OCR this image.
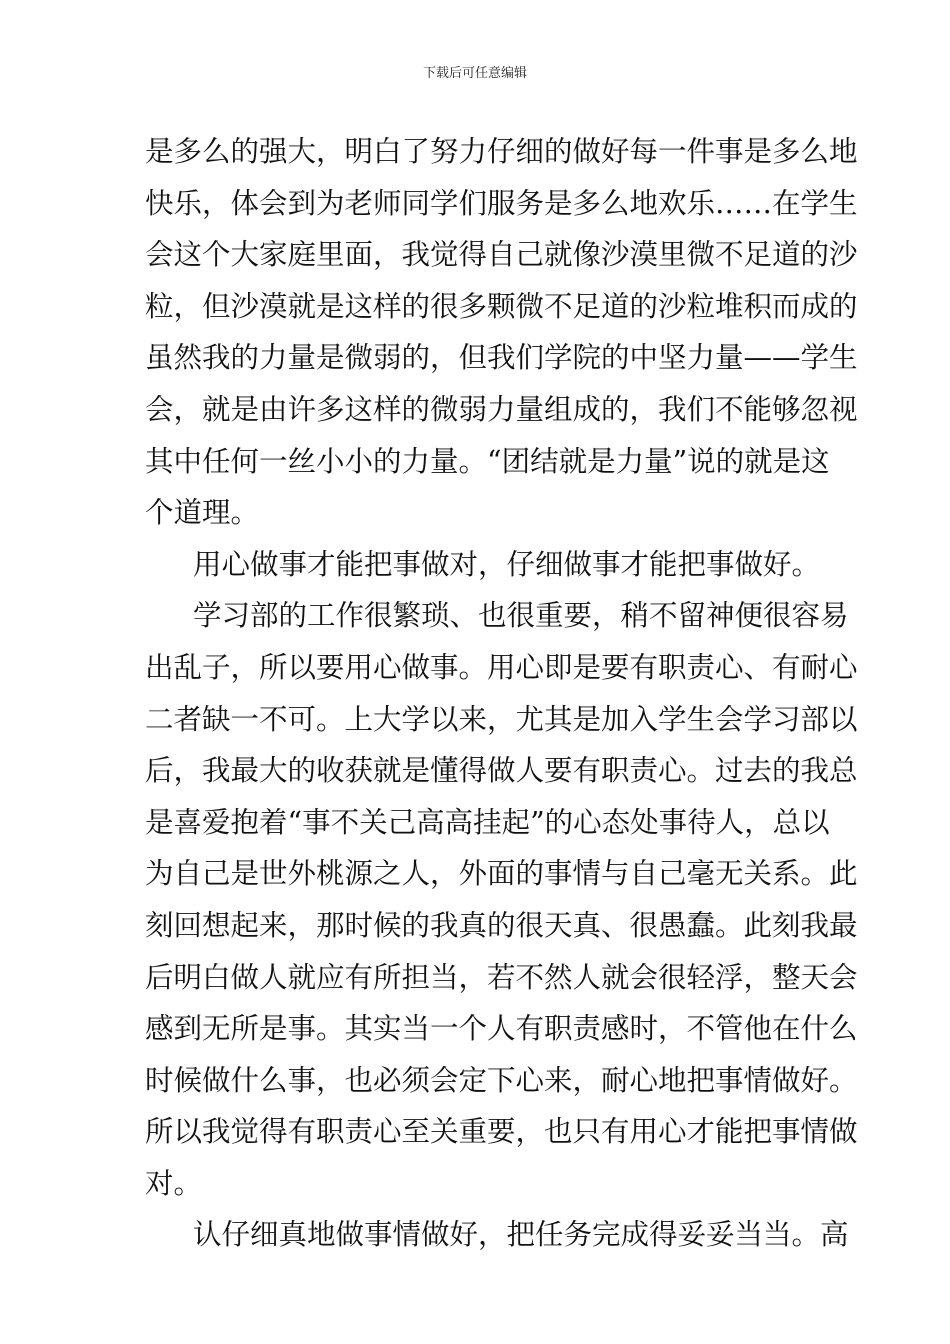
下载后可任意编辑
是多么的强大，明白了努力仔细的做好每一件事是多么地
快乐，体会到为老师同学们服务是多么地欢乐……在学生
会这个大家庭里面，我觉得自己就像沙漠里微不足道的沙
粒，但沙漠就是这样的很多颗微不足道的沙粒堆积而成的
虽然我的力量是微弱的，但我们学院的中坚力量——学生
会，就是由许多这样的微弱力量组成的，我们不能够忽视
其中任何一丝小小的力量。“团结就是力量”说的就是这
个道理。
用心做事才能把事做对，仔细做事才能把事做好。
学习部的工作很繁琐、也很重要，稍不留神便很容易
出乱子，所以要用心做事。用心即是要有职责心、有耐心
二者缺一不可。上大学以来，尤其是加入学生会学习部以
后，我最大的收获就是懂得做人要有职责心。过去的我总
是喜爱抱着“事不关己高高挂起”的心态处事待人，总以
为自己是世外桃源之人，外面的事情与自己毫无关系。此
刻回想起来，那时候的我真的很天真、很愚蠢。此刻我最
后明白做人就应有所担当，若不然人就会很轻浮，整天会
感到无所是事。其实当一个人有职责感时，不管他在什么
时候做什么事，也必须会定下心来，耐心地把事情做好。
所以我觉得有职责心至关重要，也只有用心才能把事情做
对。
认仔细真地做事情做好，把任务完成得妥妥当当。高
